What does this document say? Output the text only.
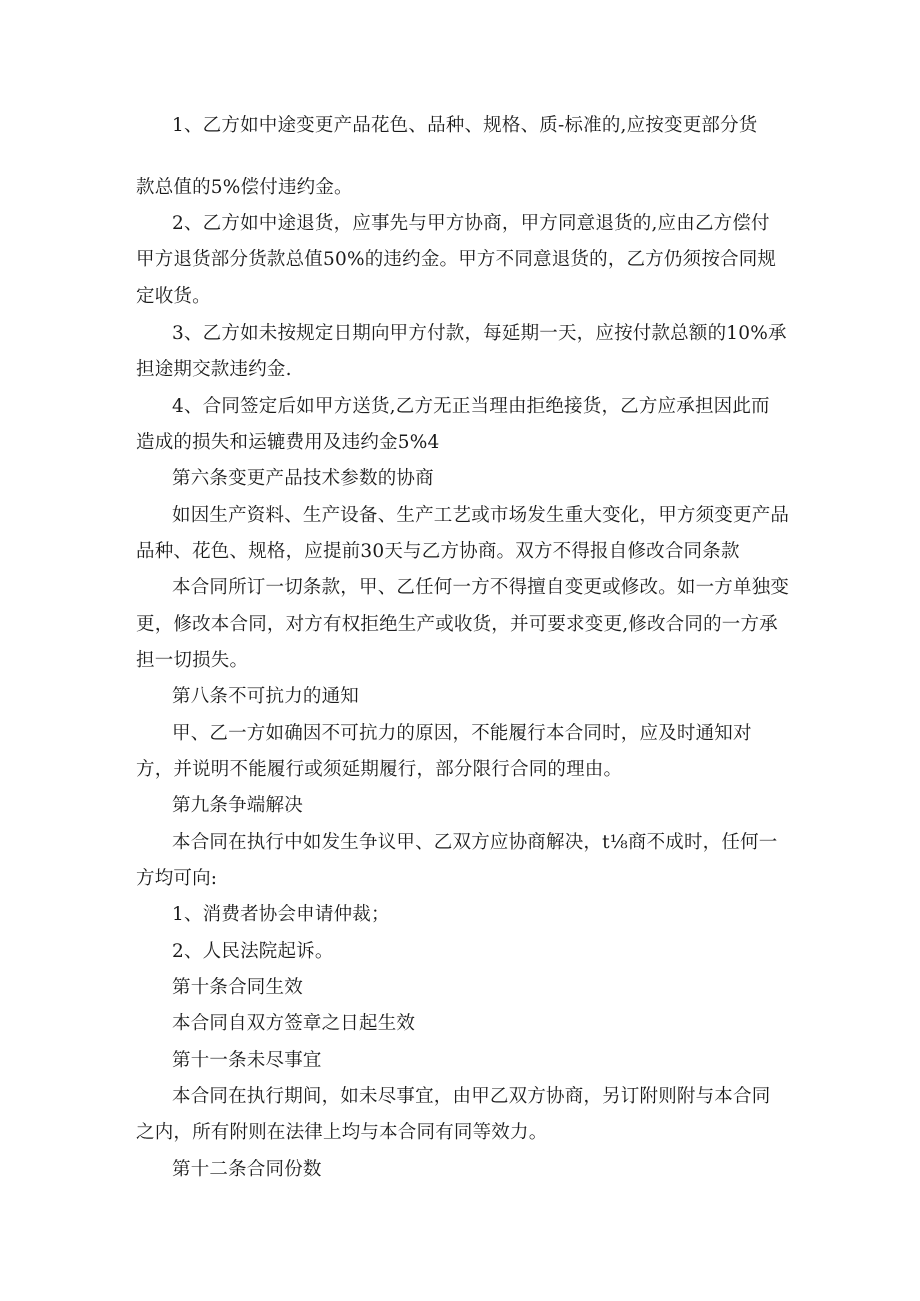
1、乙方如中途变更产品花色、品种、规格、质-标准的,应按变更部分货
款总值的5%偿付违约金。
2、乙方如中途退货，应事先与甲方协商，甲方同意退货的,应由乙方偿付
甲方退货部分货款总值50%的违约金。甲方不同意退货的，乙方仍须按合同规
定收货。
3、乙方如未按规定日期向甲方付款，每延期一天，应按付款总额的10%承
担途期交款违约金.
4、合同签定后如甲方送货,乙方无正当理由拒绝接货，乙方应承担因此而
造成的损失和运辘费用及违约金5%4
第六条变更产品技术参数的协商
如因生产资料、生产设备、生产工艺或市场发生重大变化，甲方须变更产品
品种、花色、规格，应提前30天与乙方协商。双方不得报自修改合同条款
本合同所订一切条款，甲、乙任何一方不得擅自变更或修改。如一方单独变
更，修改本合同，对方有权拒绝生产或收货，并可要求变更,修改合同的一方承
担一切损失。
第八条不可抗力的通知
甲、乙一方如确因不可抗力的原因，不能履行本合同时，应及时通知对
方，并说明不能履行或须延期履行，部分限行合同的理由。
第九条争端解决
本合同在执行中如发生争议甲、乙双方应协商解决，t⅛商不成时，任何一
方均可向:
1、消费者协会申请仲裁；
2、人民法院起诉。
第十条合同生效
本合同自双方签章之日起生效
第十一条未尽事宜
本合同在执行期间，如未尽事宜，由甲乙双方协商，另订附则附与本合同
之内，所有附则在法律上均与本合同有同等效力。
第十二条合同份数
